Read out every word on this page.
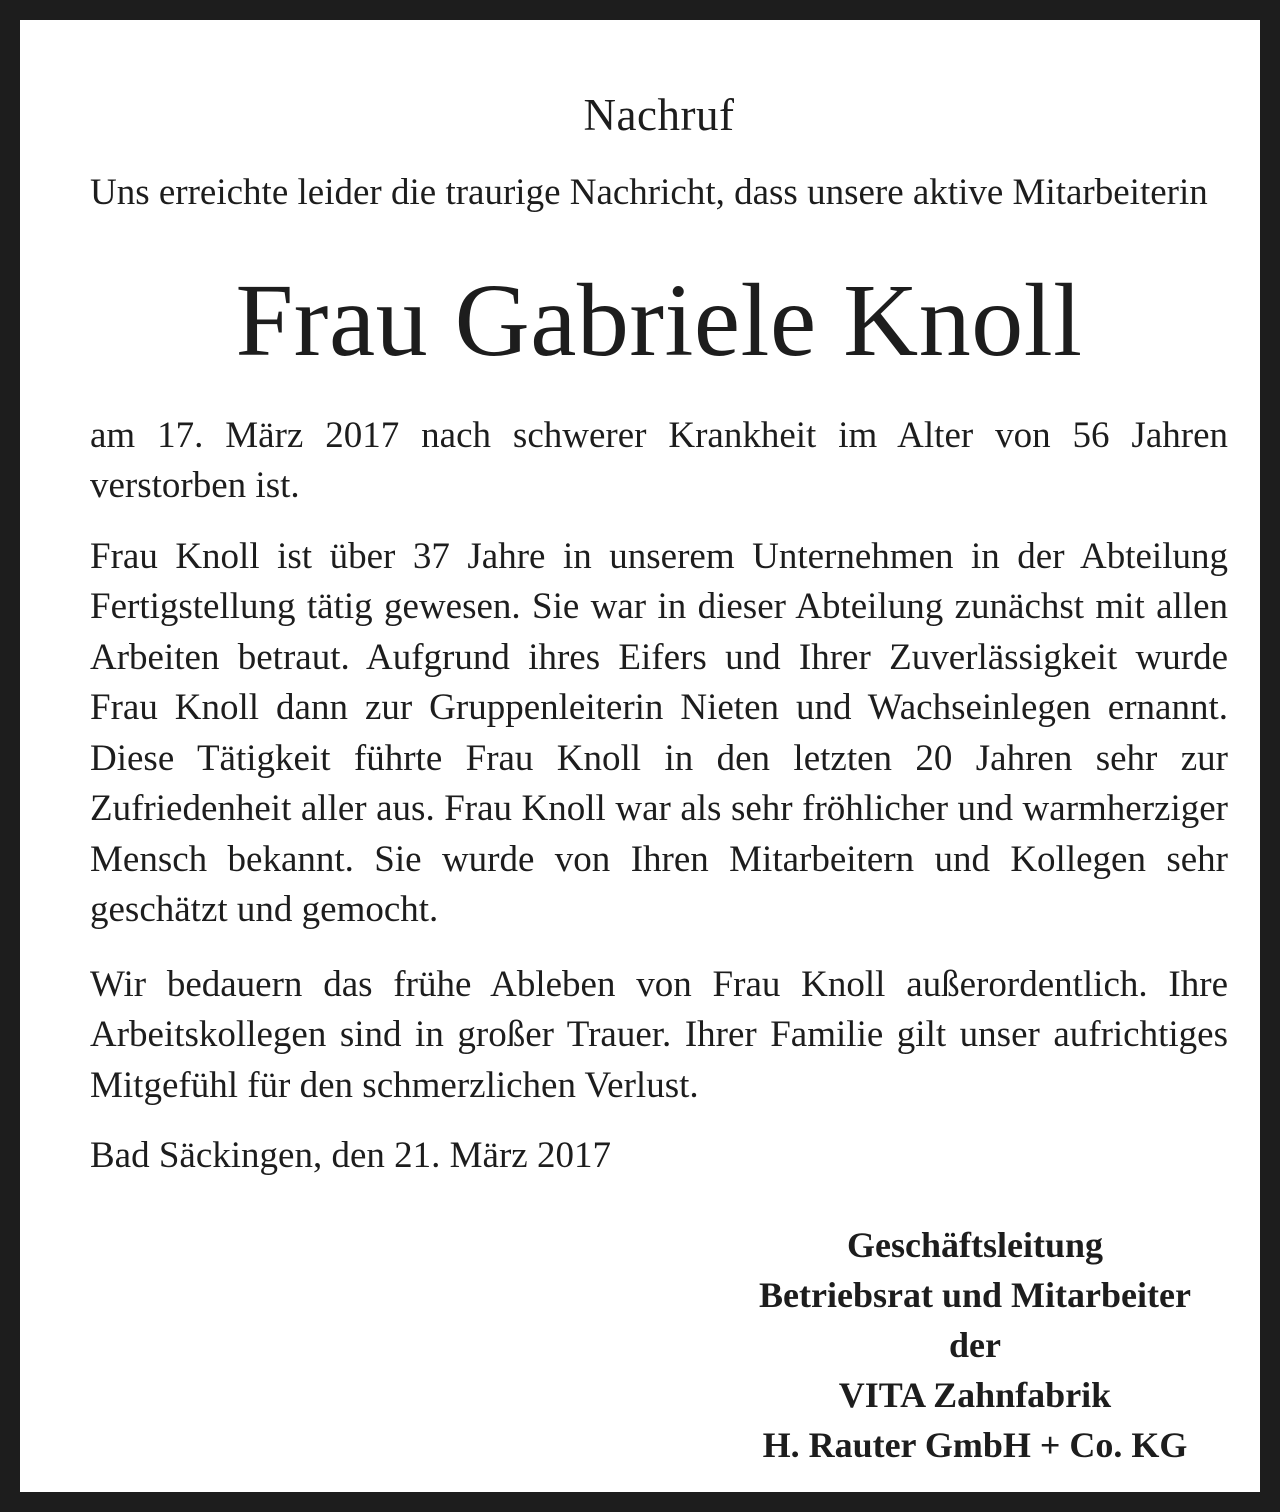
Nachruf

Uns erreichte leider die traurige Nachricht, dass unsere aktive Mitarbeiterin

Frau Gabriele Knoll

am 17. März 2017 nach schwerer Krankheit im Alter von 56 Jahren verstorben ist.

Frau Knoll ist über 37 Jahre in unserem Unternehmen in der Abteilung Fertigstellung tätig gewesen. Sie war in dieser Abteilung zunächst mit allen Arbeiten betraut. Aufgrund ihres Eifers und Ihrer Zuverlässigkeit wurde Frau Knoll dann zur Gruppenleiterin Nieten und Wachseinlegen ernannt. Diese Tätigkeit führte Frau Knoll in den letzten 20 Jahren sehr zur Zufriedenheit aller aus. Frau Knoll war als sehr fröhlicher und warmherziger Mensch bekannt. Sie wurde von Ihren Mitarbeitern und Kollegen sehr geschätzt und gemocht.

Wir bedauern das frühe Ableben von Frau Knoll außerordentlich. Ihre Arbeitskollegen sind in großer Trauer. Ihrer Familie gilt unser aufrichtiges Mitgefühl für den schmerzlichen Verlust.

Bad Säckingen, den 21. März 2017

Geschäftsleitung
Betriebsrat und Mitarbeiter
der
VITA Zahnfabrik
H. Rauter GmbH + Co. KG
